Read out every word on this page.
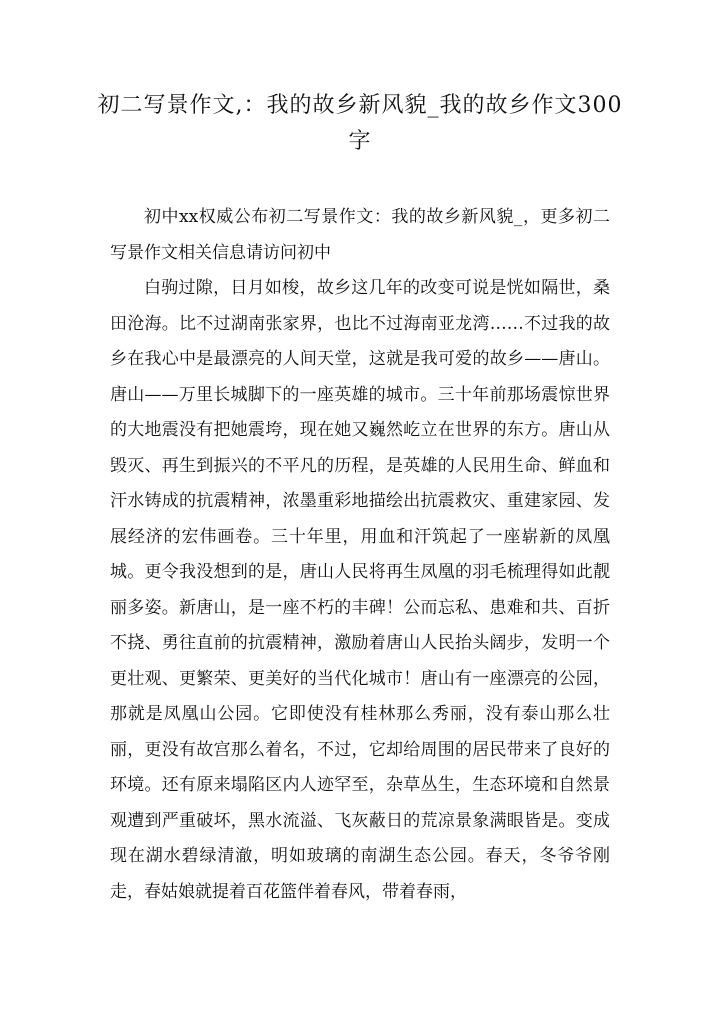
初二写景作文,：我的故乡新风貌_我的故乡作文300字

初中xx权威公布初二写景作文：我的故乡新风貌_，更多初二写景作文相关信息请访问初中

白驹过隙，日月如梭，故乡这几年的改变可说是恍如隔世，桑田沧海。比不过湖南张家界，也比不过海南亚龙湾……不过我的故乡在我心中是最漂亮的人间天堂，这就是我可爱的故乡——唐山。唐山——万里长城脚下的一座英雄的城市。三十年前那场震惊世界的大地震没有把她震垮，现在她又巍然屹立在世界的东方。唐山从毁灭、再生到振兴的不平凡的历程，是英雄的人民用生命、鲜血和汗水铸成的抗震精神，浓墨重彩地描绘出抗震救灾、重建家园、发展经济的宏伟画卷。三十年里，用血和汗筑起了一座崭新的凤凰城。更令我没想到的是，唐山人民将再生凤凰的羽毛梳理得如此靓丽多姿。新唐山，是一座不朽的丰碑！公而忘私、患难和共、百折不挠、勇往直前的抗震精神，激励着唐山人民抬头阔步，发明一个更壮观、更繁荣、更美好的当代化城市！唐山有一座漂亮的公园，那就是凤凰山公园。它即使没有桂林那么秀丽，没有泰山那么壮丽，更没有故宫那么着名，不过，它却给周围的居民带来了良好的环境。还有原来塌陷区内人迹罕至，杂草丛生，生态环境和自然景观遭到严重破坏，黑水流溢、飞灰蔽日的荒凉景象满眼皆是。变成现在湖水碧绿清澈，明如玻璃的南湖生态公园。春天，冬爷爷刚走，春姑娘就提着百花篮伴着春风，带着春雨，
